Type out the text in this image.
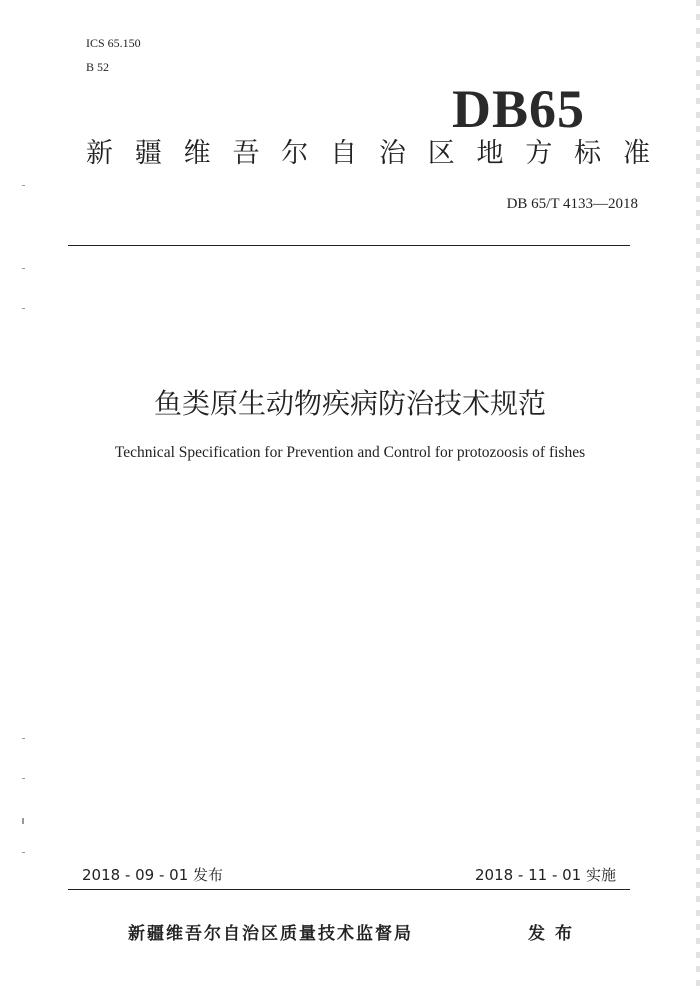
ICS 65.150
B 52
DB65
新 疆 维 吾 尔 自 治 区 地 方 标 准
DB 65/T 4133—2018
鱼类原生动物疾病防治技术规范
Technical Specification for Prevention and Control for protozoosis of fishes
2018 - 09 - 01 发布	2018 - 11 - 01 实施
新疆维吾尔自治区质量技术监督局	发布
